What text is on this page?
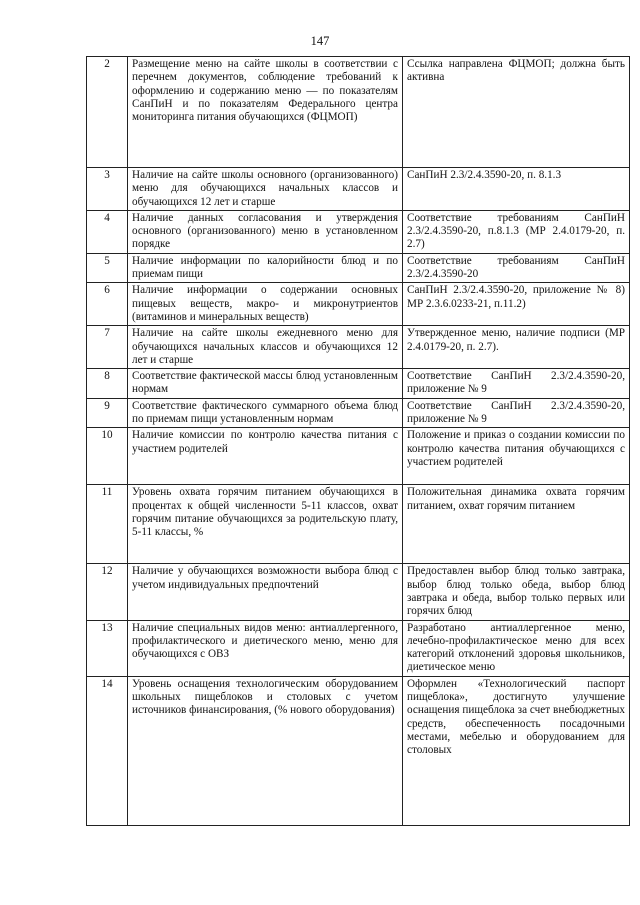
147
2	Размещение меню на сайте школы в соответствии с перечнем документов, соблюдение требований к оформлению и содержанию меню — по показателям СанПиН и по показателям Федерального центра мониторинга питания обучающихся (ФЦМОП)	Ссылка направлена ФЦМОП; должна быть активна
3	Наличие на сайте школы основного (организованного) меню для обучающихся начальных классов и обучающихся 12 лет и старше	СанПиН 2.3/2.4.3590-20, п. 8.1.3
4	Наличие данных согласования и утверждения основного (организованного) меню в установленном порядке	Соответствие требованиям СанПиН 2.3/2.4.3590-20, п.8.1.3 (МР 2.4.0179-20, п. 2.7)
5	Наличие информации по калорийности блюд и по приемам пищи	Соответствие требованиям СанПиН 2.3/2.4.3590-20
6	Наличие информации о содержании основных пищевых веществ, макро- и микронутриентов (витаминов и минеральных веществ)	СанПиН 2.3/2.4.3590-20, приложение № 8) МР 2.3.6.0233-21, п.11.2)
7	Наличие на сайте школы ежедневного меню для обучающихся начальных классов и обучающихся 12 лет и старше	Утвержденное меню, наличие подписи (МР 2.4.0179-20, п. 2.7).
8	Соответствие фактической массы блюд установленным нормам	Соответствие СанПиН 2.3/2.4.3590-20, приложение № 9
9	Соответствие фактического суммарного объема блюд по приемам пищи установленным нормам	Соответствие СанПиН 2.3/2.4.3590-20, приложение № 9
10	Наличие комиссии по контролю качества питания с участием родителей	Положение и приказ о создании комиссии по контролю качества питания обучающихся с участием родителей
11	Уровень охвата горячим питанием обучающихся в процентах к общей численности 5-11 классов, охват горячим питание обучающихся за родительскую плату, 5-11 классы, %	Положительная динамика охвата горячим питанием, охват горячим питанием
12	Наличие у обучающихся возможности выбора блюд с учетом индивидуальных предпочтений	Предоставлен выбор блюд только завтрака, выбор блюд только обеда, выбор блюд завтрака и обеда, выбор только первых или горячих блюд
13	Наличие специальных видов меню: антиаллергенного, профилактического и диетического меню, меню для обучающихся с ОВЗ	Разработано антиаллергенное меню, лечебно-профилактическое меню для всех категорий отклонений здоровья школьников, диетическое меню
14	Уровень оснащения технологическим оборудованием школьных пищеблоков и столовых с учетом источников финансирования, (% нового оборудования)	Оформлен «Технологический паспорт пищеблока», достигнуто улучшение оснащения пищеблока за счет внебюджетных средств, обеспеченность посадочными местами, мебелью и оборудованием для столовых
